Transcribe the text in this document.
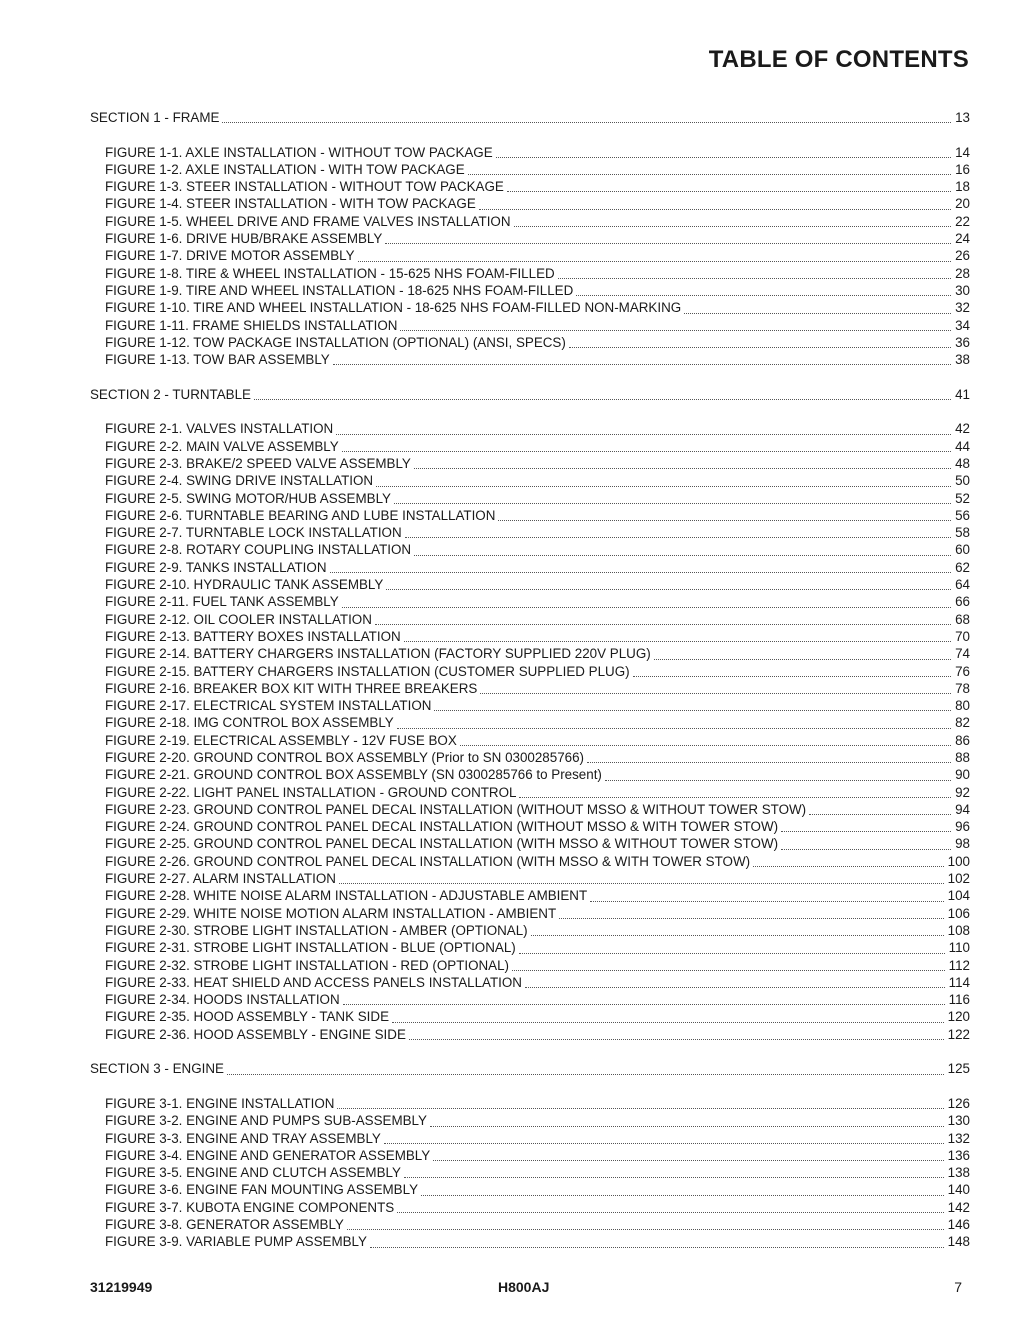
TABLE OF CONTENTS
SECTION 1 - FRAME	13
FIGURE 1-1. AXLE INSTALLATION - WITHOUT TOW PACKAGE	14
FIGURE 1-2. AXLE INSTALLATION - WITH TOW PACKAGE	16
FIGURE 1-3. STEER INSTALLATION - WITHOUT TOW PACKAGE	18
FIGURE 1-4. STEER INSTALLATION - WITH TOW PACKAGE	20
FIGURE 1-5. WHEEL DRIVE AND FRAME VALVES INSTALLATION	22
FIGURE 1-6. DRIVE HUB/BRAKE ASSEMBLY	24
FIGURE 1-7. DRIVE MOTOR ASSEMBLY	26
FIGURE 1-8. TIRE & WHEEL INSTALLATION - 15-625 NHS FOAM-FILLED	28
FIGURE 1-9. TIRE AND WHEEL INSTALLATION - 18-625 NHS FOAM-FILLED	30
FIGURE 1-10. TIRE AND WHEEL INSTALLATION - 18-625 NHS FOAM-FILLED NON-MARKING	32
FIGURE 1-11. FRAME SHIELDS INSTALLATION	34
FIGURE 1-12. TOW PACKAGE INSTALLATION (OPTIONAL) (ANSI, SPECS)	36
FIGURE 1-13. TOW BAR ASSEMBLY	38
SECTION 2 - TURNTABLE	41
FIGURE 2-1. VALVES INSTALLATION	42
FIGURE 2-2. MAIN VALVE ASSEMBLY	44
FIGURE 2-3. BRAKE/2 SPEED VALVE ASSEMBLY	48
FIGURE 2-4. SWING DRIVE INSTALLATION	50
FIGURE 2-5. SWING MOTOR/HUB ASSEMBLY	52
FIGURE 2-6. TURNTABLE BEARING AND LUBE INSTALLATION	56
FIGURE 2-7. TURNTABLE LOCK INSTALLATION	58
FIGURE 2-8. ROTARY COUPLING INSTALLATION	60
FIGURE 2-9. TANKS INSTALLATION	62
FIGURE 2-10. HYDRAULIC TANK ASSEMBLY	64
FIGURE 2-11. FUEL TANK ASSEMBLY	66
FIGURE 2-12. OIL COOLER INSTALLATION	68
FIGURE 2-13. BATTERY BOXES INSTALLATION	70
FIGURE 2-14. BATTERY CHARGERS INSTALLATION (FACTORY SUPPLIED 220V PLUG)	74
FIGURE 2-15. BATTERY CHARGERS INSTALLATION (CUSTOMER SUPPLIED PLUG)	76
FIGURE 2-16. BREAKER BOX KIT WITH THREE BREAKERS	78
FIGURE 2-17. ELECTRICAL SYSTEM INSTALLATION	80
FIGURE 2-18. IMG CONTROL BOX ASSEMBLY	82
FIGURE 2-19. ELECTRICAL ASSEMBLY - 12V FUSE BOX	86
FIGURE 2-20. GROUND CONTROL BOX ASSEMBLY (Prior to SN 0300285766)	88
FIGURE 2-21. GROUND CONTROL BOX ASSEMBLY (SN 0300285766 to Present)	90
FIGURE 2-22. LIGHT PANEL INSTALLATION - GROUND CONTROL	92
FIGURE 2-23. GROUND CONTROL PANEL DECAL INSTALLATION (WITHOUT MSSO & WITHOUT TOWER STOW)	94
FIGURE 2-24. GROUND CONTROL PANEL DECAL INSTALLATION (WITHOUT MSSO & WITH TOWER STOW)	96
FIGURE 2-25. GROUND CONTROL PANEL DECAL INSTALLATION (WITH MSSO & WITHOUT TOWER STOW)	98
FIGURE 2-26. GROUND CONTROL PANEL DECAL INSTALLATION (WITH MSSO & WITH TOWER STOW)	100
FIGURE 2-27. ALARM INSTALLATION	102
FIGURE 2-28. WHITE NOISE ALARM INSTALLATION - ADJUSTABLE AMBIENT	104
FIGURE 2-29. WHITE NOISE MOTION ALARM INSTALLATION - AMBIENT	106
FIGURE 2-30. STROBE LIGHT INSTALLATION - AMBER (OPTIONAL)	108
FIGURE 2-31. STROBE LIGHT INSTALLATION - BLUE (OPTIONAL)	110
FIGURE 2-32. STROBE LIGHT INSTALLATION - RED (OPTIONAL)	112
FIGURE 2-33. HEAT SHIELD AND ACCESS PANELS INSTALLATION	114
FIGURE 2-34. HOODS INSTALLATION	116
FIGURE 2-35. HOOD ASSEMBLY - TANK SIDE	120
FIGURE 2-36. HOOD ASSEMBLY - ENGINE SIDE	122
SECTION 3 - ENGINE	125
FIGURE 3-1. ENGINE INSTALLATION	126
FIGURE 3-2. ENGINE AND PUMPS SUB-ASSEMBLY	130
FIGURE 3-3. ENGINE AND TRAY ASSEMBLY	132
FIGURE 3-4. ENGINE AND GENERATOR ASSEMBLY	136
FIGURE 3-5. ENGINE AND CLUTCH ASSEMBLY	138
FIGURE 3-6. ENGINE FAN MOUNTING ASSEMBLY	140
FIGURE 3-7. KUBOTA ENGINE COMPONENTS	142
FIGURE 3-8. GENERATOR ASSEMBLY	146
FIGURE 3-9. VARIABLE PUMP ASSEMBLY	148
31219949	H800AJ	7
